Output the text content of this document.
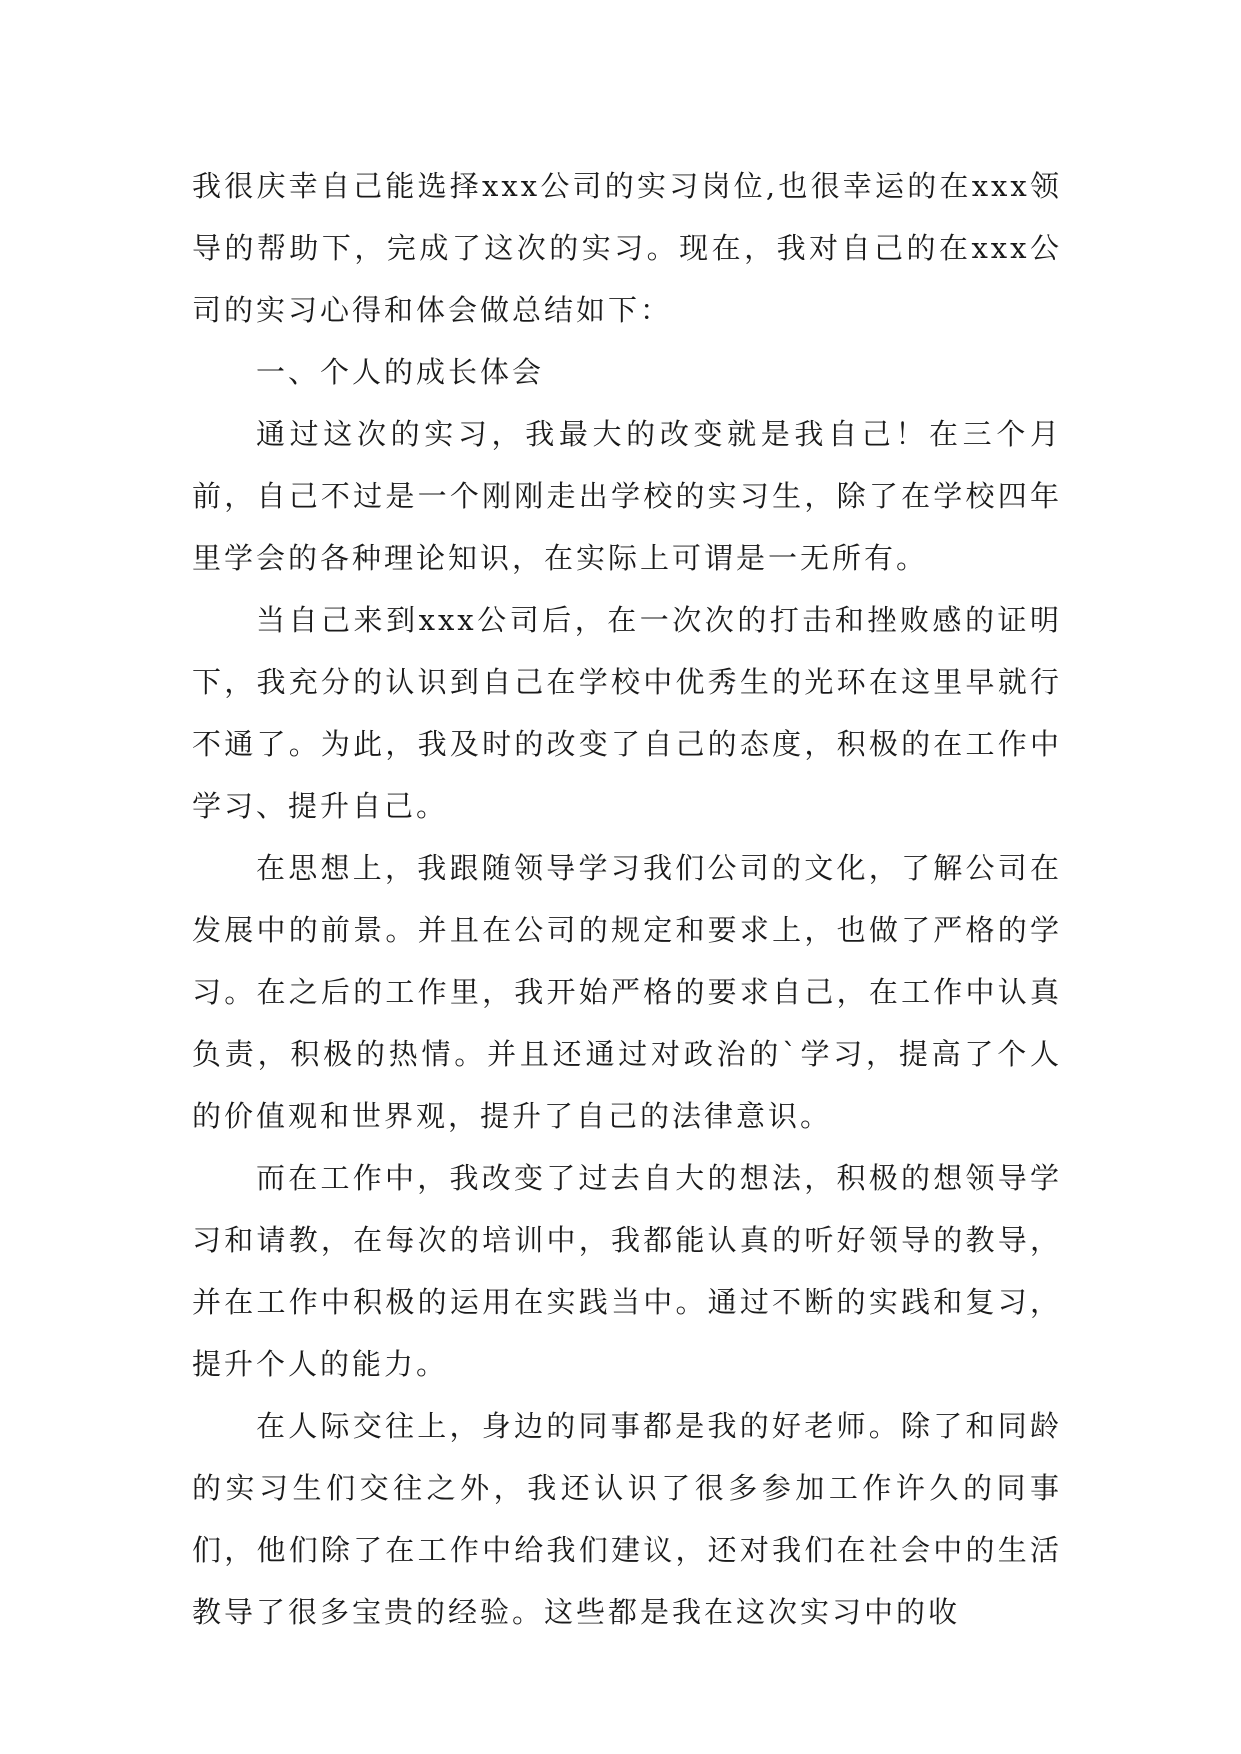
我很庆幸自己能选择xxx公司的实习岗位,也很幸运的在xxx领导的帮助下，完成了这次的实习。现在，我对自己的在xxx公司的实习心得和体会做总结如下：

一、个人的成长体会

通过这次的实习，我最大的改变就是我自己！在三个月前，自己不过是一个刚刚走出学校的实习生，除了在学校四年里学会的各种理论知识，在实际上可谓是一无所有。

当自己来到xxx公司后，在一次次的打击和挫败感的证明下，我充分的认识到自己在学校中优秀生的光环在这里早就行不通了。为此，我及时的改变了自己的态度，积极的在工作中学习、提升自己。

在思想上，我跟随领导学习我们公司的文化，了解公司在发展中的前景。并且在公司的规定和要求上，也做了严格的学习。在之后的工作里，我开始严格的要求自己，在工作中认真负责，积极的热情。并且还通过对政治的`学习，提高了个人的价值观和世界观，提升了自己的法律意识。

而在工作中，我改变了过去自大的想法，积极的想领导学习和请教，在每次的培训中，我都能认真的听好领导的教导，并在工作中积极的运用在实践当中。通过不断的实践和复习，提升个人的能力。

在人际交往上，身边的同事都是我的好老师。除了和同龄的实习生们交往之外，我还认识了很多参加工作许久的同事们，他们除了在工作中给我们建议，还对我们在社会中的生活教导了很多宝贵的经验。这些都是我在这次实习中的收
